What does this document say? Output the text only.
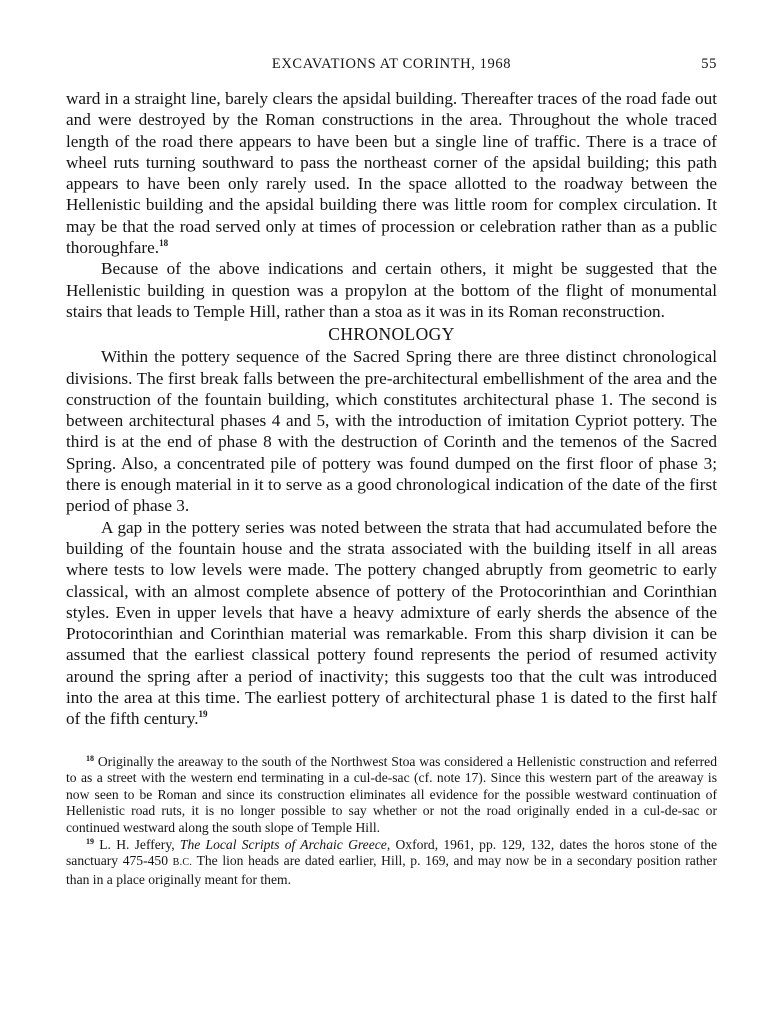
EXCAVATIONS AT CORINTH, 1968	55

ward in a straight line, barely clears the apsidal building. Thereafter traces of the road fade out and were destroyed by the Roman constructions in the area. Throughout the whole traced length of the road there appears to have been but a single line of traffic. There is a trace of wheel ruts turning southward to pass the northeast corner of the apsidal building; this path appears to have been only rarely used. In the space allotted to the roadway between the Hellenistic building and the apsidal building there was little room for complex circulation. It may be that the road served only at times of procession or celebration rather than as a public thoroughfare.$^{18}$

Because of the above indications and certain others, it might be suggested that the Hellenistic building in question was a propylon at the bottom of the flight of monumental stairs that leads to Temple Hill, rather than a stoa as it was in its Roman reconstruction.

CHRONOLOGY

Within the pottery sequence of the Sacred Spring there are three distinct chronological divisions. The first break falls between the pre-architectural embellishment of the area and the construction of the fountain building, which constitutes architectural phase 1. The second is between architectural phases 4 and 5, with the introduction of imitation Cypriot pottery. The third is at the end of phase 8 with the destruction of Corinth and the temenos of the Sacred Spring. Also, a concentrated pile of pottery was found dumped on the first floor of phase 3; there is enough material in it to serve as a good chronological indication of the date of the first period of phase 3.

A gap in the pottery series was noted between the strata that had accumulated before the building of the fountain house and the strata associated with the building itself in all areas where tests to low levels were made. The pottery changed abruptly from geometric to early classical, with an almost complete absence of pottery of the Protocorinthian and Corinthian styles. Even in upper levels that have a heavy admixture of early sherds the absence of the Protocorinthian and Corinthian material was remarkable. From this sharp division it can be assumed that the earliest classical pottery found represents the period of resumed activity around the spring after a period of inactivity; this suggests too that the cult was introduced into the area at this time. The earliest pottery of architectural phase 1 is dated to the first half of the fifth century.$^{19}$

$^{18}$ Originally the areaway to the south of the Northwest Stoa was considered a Hellenistic construction and referred to as a street with the western end terminating in a cul-de-sac (cf. note 17). Since this western part of the areaway is now seen to be Roman and since its construction eliminates all evidence for the possible westward continuation of Hellenistic road ruts, it is no longer possible to say whether or not the road originally ended in a cul-de-sac or continued westward along the south slope of Temple Hill.

$^{19}$ L. H. Jeffery, The Local Scripts of Archaic Greece, Oxford, 1961, pp. 129, 132, dates the horos stone of the sanctuary 475-450 B.C. The lion heads are dated earlier, Hill, p. 169, and may now be in a secondary position rather than in a place originally meant for them.
